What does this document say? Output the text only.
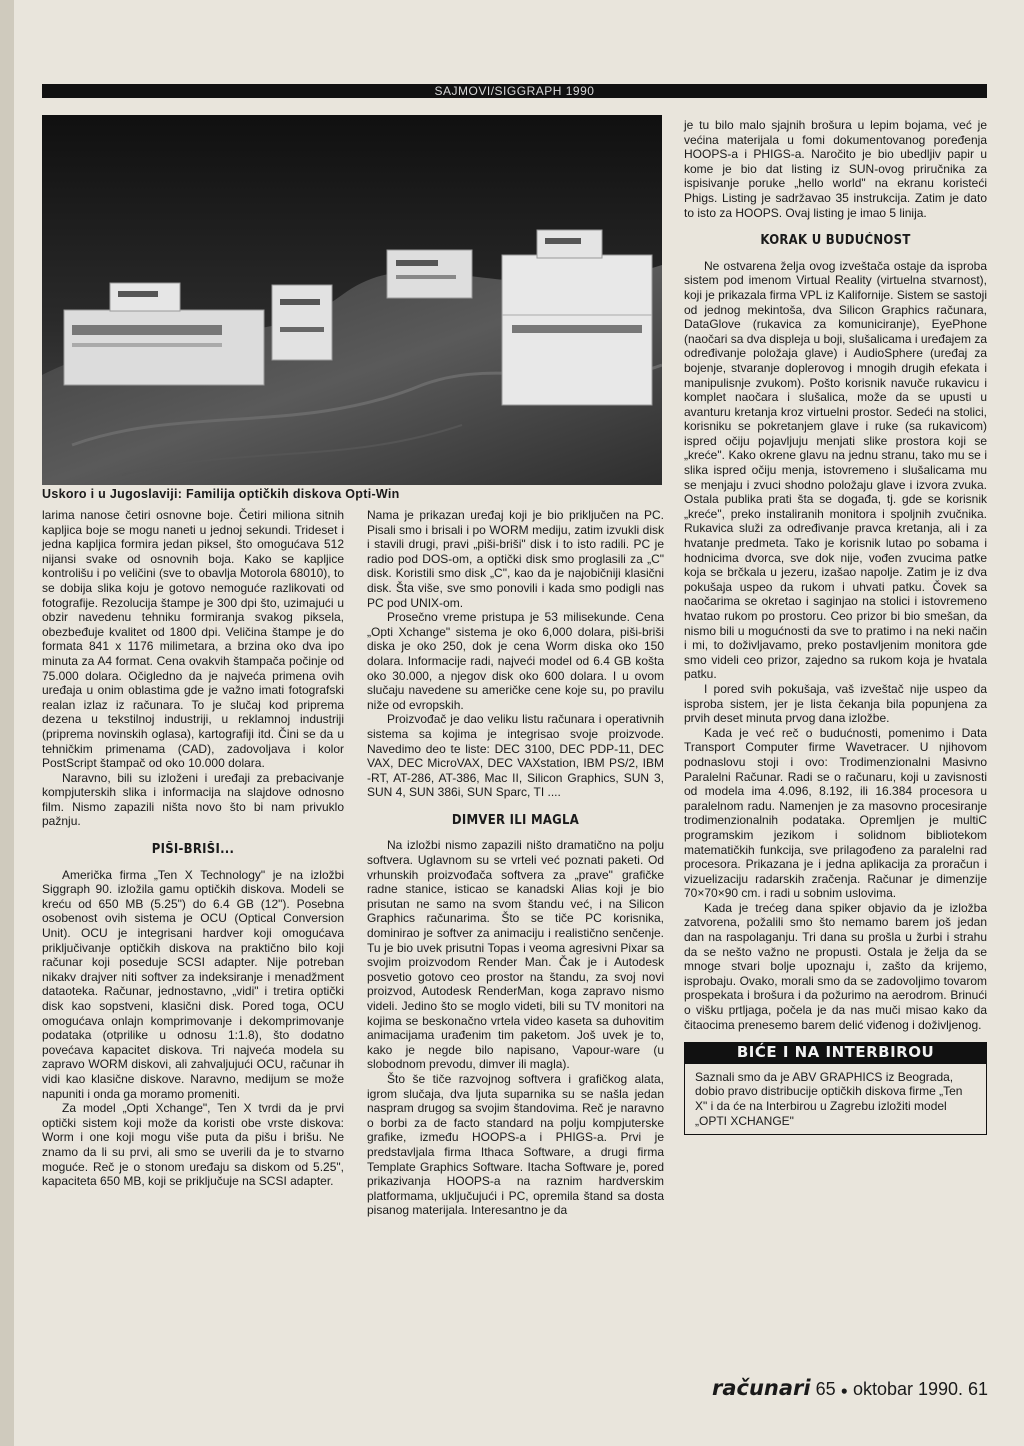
SAJMOVI/SIGGRAPH 1990
Uskoro i u Jugoslaviji: Familija optičkih diskova Opti-Win

larima nanose četiri osnovne boje. Četiri miliona sitnih kapljica boje se mogu naneti u jednoj sekundi. Trideset i jedna kapljica formira jedan piksel, što omogućava 512 nijansi svake od osnovnih boja. Kako se kapljice kontrolišu i po veličini (sve to obavlja Motorola 68010), to se dobija slika koju je gotovo nemoguće razlikovati od fotografije. Rezolucija štampe je 300 dpi što, uzimajući u obzir navedenu tehniku formiranja svakog piksela, obezbeđuje kvalitet od 1800 dpi. Veličina štampe je do formata 841 x 1176 milimetara, a brzina oko dva ipo minuta za A4 format. Cena ovakvih štampača počinje od 75.000 dolara. Očigledno da je najveća primena ovih uređaja u onim oblastima gde je važno imati fotografski realan izlaz iz računara. To je slučaj kod priprema dezena u tekstilnoj industriji, u reklamnoj industriji (priprema novinskih oglasa), kartografiji itd. Čini se da u tehničkim primenama (CAD), zadovoljava i kolor PostScript štampač od oko 10.000 dolara.

Naravno, bili su izloženi i uređaji za prebacivanje kompjuterskih slika i informacija na slajdove odnosno film. Nismo zapazili ništa novo što bi nam privuklo pažnju.

PIŠI-BRIŠI...

Američka firma „Ten X Technology" je na izložbi Siggraph 90. izložila gamu optičkih diskova. Modeli se kreću od 650 MB (5.25") do 6.4 GB (12"). Posebna osobenost ovih sistema je OCU (Optical Conversion Unit). OCU je integrisani hardver koji omogućava priključivanje optičkih diskova na praktično bilo koji računar koji poseduje SCSI adapter. Nije potreban nikakv drajver niti softver za indeksiranje i menadžment dataoteka. Računar, jednostavno, „vidi" i tretira optički disk kao sopstveni, klasični disk. Pored toga, OCU omogućava onlajn komprimovanje i dekomprimovanje podataka (otprilike u odnosu 1:1.8), što dodatno povećava kapacitet diskova. Tri najveća modela su zapravo WORM diskovi, ali zahvaljujući OCU, računar ih vidi kao klasične diskove. Naravno, medijum se može napuniti i onda ga moramo promeniti.

Za model „Opti Xchange", Ten X tvrdi da je prvi optički sistem koji može da koristi obe vrste diskova: Worm i one koji mogu više puta da pišu i brišu. Ne znamo da li su prvi, ali smo se uverili da je to stvarno moguće. Reč je o stonom uređaju sa diskom od 5.25", kapaciteta 650 MB, koji se priključuje na SCSI adapter.

Nama je prikazan uređaj koji je bio priključen na PC. Pisali smo i brisali i po WORM mediju, zatim izvukli disk i stavili drugi, pravi „piši-briši" disk i to isto radili. PC je radio pod DOS-om, a optički disk smo proglasili za „C" disk. Koristili smo disk „C", kao da je najobičniji klasični disk. Šta više, sve smo ponovili i kada smo podigli nas PC pod UNIX-om.

Prosečno vreme pristupa je 53 milisekunde. Cena „Opti Xchange" sistema je oko 6,000 dolara, piši-briši diska je oko 250, dok je cena Worm diska oko 150 dolara. Informacije radi, najveći model od 6.4 GB košta oko 30.000, a njegov disk oko 600 dolara. I u ovom slučaju navedene su američke cene koje su, po pravilu niže od evropskih.

Proizvođač je dao veliku listu računara i operativnih sistema sa kojima je integrisao svoje proizvode. Navedimo deo te liste: DEC 3100, DEC PDP-11, DEC VAX, DEC MicroVAX, DEC VAXstation, IBM PS/2, IBM -RT, AT-286, AT-386, Mac II, Silicon Graphics, SUN 3, SUN 4, SUN 386i, SUN Sparc, TI ....

DIMVER ILI MAGLA

Na izložbi nismo zapazili ništo dramatično na polju softvera. Uglavnom su se vrteli već poznati paketi. Od vrhunskih proizvođača softvera za „prave" grafičke radne stanice, isticao se kanadski Alias koji je bio prisutan ne samo na svom štandu već, i na Silicon Graphics računarima. Što se tiče PC korisnika, dominirao je softver za animaciju i realistično senčenje. Tu je bio uvek prisutni Topas i veoma agresivni Pixar sa svojim proizvodom Render Man. Čak je i Autodesk posvetio gotovo ceo prostor na štandu, za svoj novi proizvod, Autodesk RenderMan, koga zapravo nismo videli. Jedino što se moglo videti, bili su TV monitori na kojima se beskonačno vrtela video kaseta sa duhovitim animacijama urađenim tim paketom. Još uvek je to, kako je negde bilo napisano, Vapour-ware (u slobodnom prevodu, dimver ili magla).

Što še tiče razvojnog softvera i grafičkog alata, igrom slučaja, dva ljuta suparnika su se našla jedan naspram drugog sa svojim štandovima. Reč je naravno o borbi za de facto standard na polju kompjuterske grafike, između HOOPS-a i PHIGS-a. Prvi je predstavljala firma Ithaca Software, a drugi firma Template Graphics Software. Itacha Software je, pored prikazivanja HOOPS-a na raznim hardverskim platformama, uključujući i PC, opremila štand sa dosta pisanog materijala. Interesantno je da

je tu bilo malo sjajnih brošura u lepim bojama, već je većina materijala u fomi dokumentovanog poređenja HOOPS-a i PHIGS-a. Naročito je bio ubedljiv papir u kome je bio dat listing iz SUN-ovog priručnika za ispisivanje poruke „hello world" na ekranu koristeći Phigs. Listing je sadržavao 35 instrukcija. Zatim je dato to isto za HOOPS. Ovaj listing je imao 5 linija.

KORAK U BUDUĆNOST

Ne ostvarena želja ovog izveštača ostaje da isproba sistem pod imenom Virtual Reality (virtuelna stvarnost), koji je prikazala firma VPL iz Kalifornije. Sistem se sastoji od jednog mekintoša, dva Silicon Graphics računara, DataGlove (rukavica za komuniciranje), EyePhone (naočari sa dva displeja u boji, slušalicama i uređajem za određivanje položaja glave) i AudioSphere (uređaj za bojenje, stvaranje doplerovog i mnogih drugih efekata i manipulisnje zvukom). Pošto korisnik navuče rukavicu i komplet naočara i slušalica, može da se upusti u avanturu kretanja kroz virtuelni prostor. Sedeći na stolici, korisniku se pokretanjem glave i ruke (sa rukavicom) ispred očiju pojavljuju menjati slike prostora koji se „kreće". Kako okrene glavu na jednu stranu, tako mu se i slika ispred očiju menja, istovremeno i slušalicama mu se menjaju i zvuci shodno položaju glave i izvora zvuka. Ostala publika prati šta se događa, tj. gde se korisnik „kreće", preko instaliranih monitora i spoljnih zvučnika. Rukavica služi za određivanje pravca kretanja, ali i za hvatanje predmeta. Tako je korisnik lutao po sobama i hodnicima dvorca, sve dok nije, vođen zvucima patke koja se brčkala u jezeru, izašao napolje. Zatim je iz dva pokušaja uspeo da rukom i uhvati patku. Čovek sa naočarima se okretao i saginjao na stolici i istovremeno hvatao rukom po prostoru. Ceo prizor bi bio smešan, da nismo bili u mogućnosti da sve to pratimo i na neki način i mi, to doživljavamo, preko postavljenim monitora gde smo videli ceo prizor, zajedno sa rukom koja je hvatala patku.

I pored svih pokušaja, vaš izveštač nije uspeo da isproba sistem, jer je lista čekanja bila popunjena za prvih deset minuta prvog dana izložbe.

Kada je već reč o budućnosti, pomenimo i Data Transport Computer firme Wavetracer. U njihovom podnaslovu stoji i ovo: Trodimenzionalni Masivno Paralelni Računar. Radi se o računaru, koji u zavisnosti od modela ima 4.096, 8.192, ili 16.384 procesora u paralelnom radu. Namenjen je za masovno procesiranje trodimenzionalnih podataka. Opremljen je multiC programskim jezikom i solidnom bibliotekom matematičkih funkcija, sve prilagođeno za paralelni rad procesora. Prikazana je i jedna aplikacija za proračun i vizuelizaciju radarskih zračenja. Računar je dimenzije 70×70×90 cm. i radi u sobnim uslovima.

Kada je trećeg dana spiker objavio da je izložba zatvorena, požalili smo što nemamo barem još jedan dan na raspolaganju. Tri dana su prošla u žurbi i strahu da se nešto važno ne propusti. Ostala je želja da se mnoge stvari bolje upoznaju i, zašto da krijemo, isprobaju. Ovako, morali smo da se zadovoljimo tovarom prospekata i brošura i da požurimo na aerodrom. Brinući o višku prtljaga, počela je da nas muči misao kako da čitaocima prenesemo barem delić viđenog i doživljenog.

BIĆE I NA INTERBIROU
Saznali smo da je ABV GRAPHICS iz Beograda, dobio pravo distribucije optičkih diskova firme „Ten X" i da će na Interbirou u Zagrebu izložiti model „OPTI XCHANGE"
računari 65 ● oktobar 1990. 61
